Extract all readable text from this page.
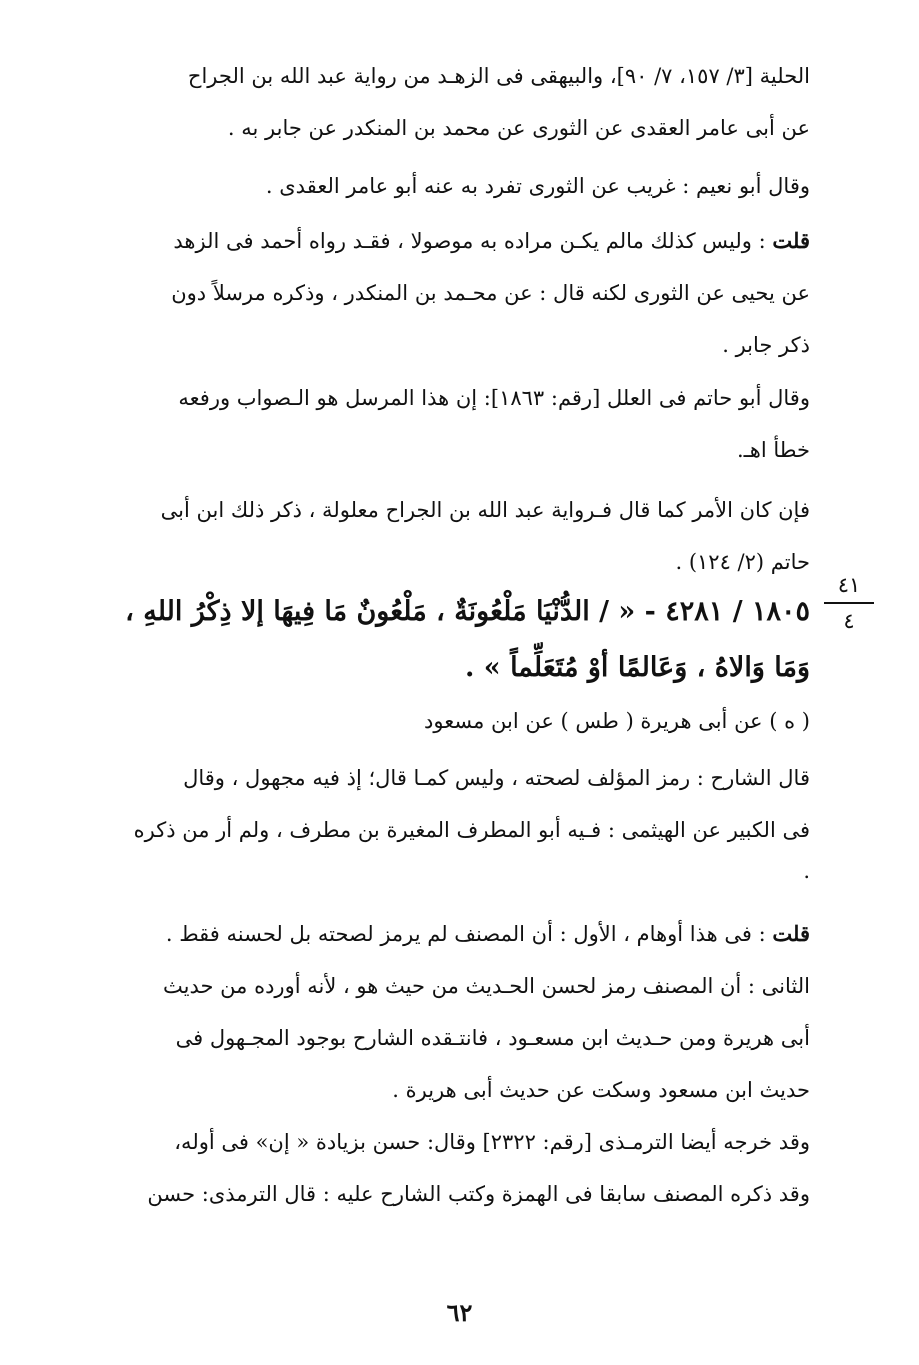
الحلية [٣/ ١٥٧، ٧/ ٩٠]، والبيهقى فى الزهـد من رواية عبد الله بن الجراح
عن أبى عامر العقدى عن الثورى عن محمد بن المنكدر عن جابر به .
وقال أبو نعيم : غريب عن الثورى تفرد به عنه أبو عامر العقدى .
قلت : وليس كذلك مالم يكـن مراده به موصولا ، فقـد رواه أحمد فى الزهد
عن يحيى عن الثورى لكنه قال : عن محـمد بن المنكدر ، وذكره مرسلاً دون
ذكر جابر .
وقال أبو حاتم فى العلل [رقم: ١٨٦٣]: إن هذا المرسل هو الـصواب ورفعه
خطأ اهـ.
فإن كان الأمر كما قال فـرواية عبد الله بن الجراح معلولة ، ذكر ذلك ابن أبى
حاتم (٢/ ١٢٤) .
١٨٠٥ / ٤٢٨١ - « / الدُّنْيَا مَلْعُونَةٌ ، مَلْعُونٌ مَا فِيهَا إلا ذِكْرُ اللهِ ،
وَمَا وَالاهُ ، وَعَالمًا أوْ مُتَعَلِّماً » .
٤١
٤
( ه ) عن أبى هريرة ( طس ) عن ابن مسعود
قال الشارح : رمز المؤلف لصحته ، وليس كمـا قال؛ إذ فيه مجهول ، وقال
فى الكبير عن الهيثمى : فـيه أبو المطرف المغيرة بن مطرف ، ولم أر من ذكره
.
قلت : فى هذا أوهام ، الأول : أن المصنف لم يرمز لصحته بل لحسنه فقط .
الثانى : أن المصنف رمز لحسن الحـديث من حيث هو ، لأنه أورده من حديث
أبى هريرة ومن حـديث ابن مسعـود ، فانتـقده الشارح بوجود المجـهول فى
حديث ابن مسعود وسكت عن حديث أبى هريرة .
وقد خرجه أيضا الترمـذى [رقم: ٢٣٢٢] وقال: حسن بزيادة « إن» فى أوله،
وقد ذكره المصنف سابقا فى الهمزة وكتب الشارح عليه : قال الترمذى: حسن
٦٢
